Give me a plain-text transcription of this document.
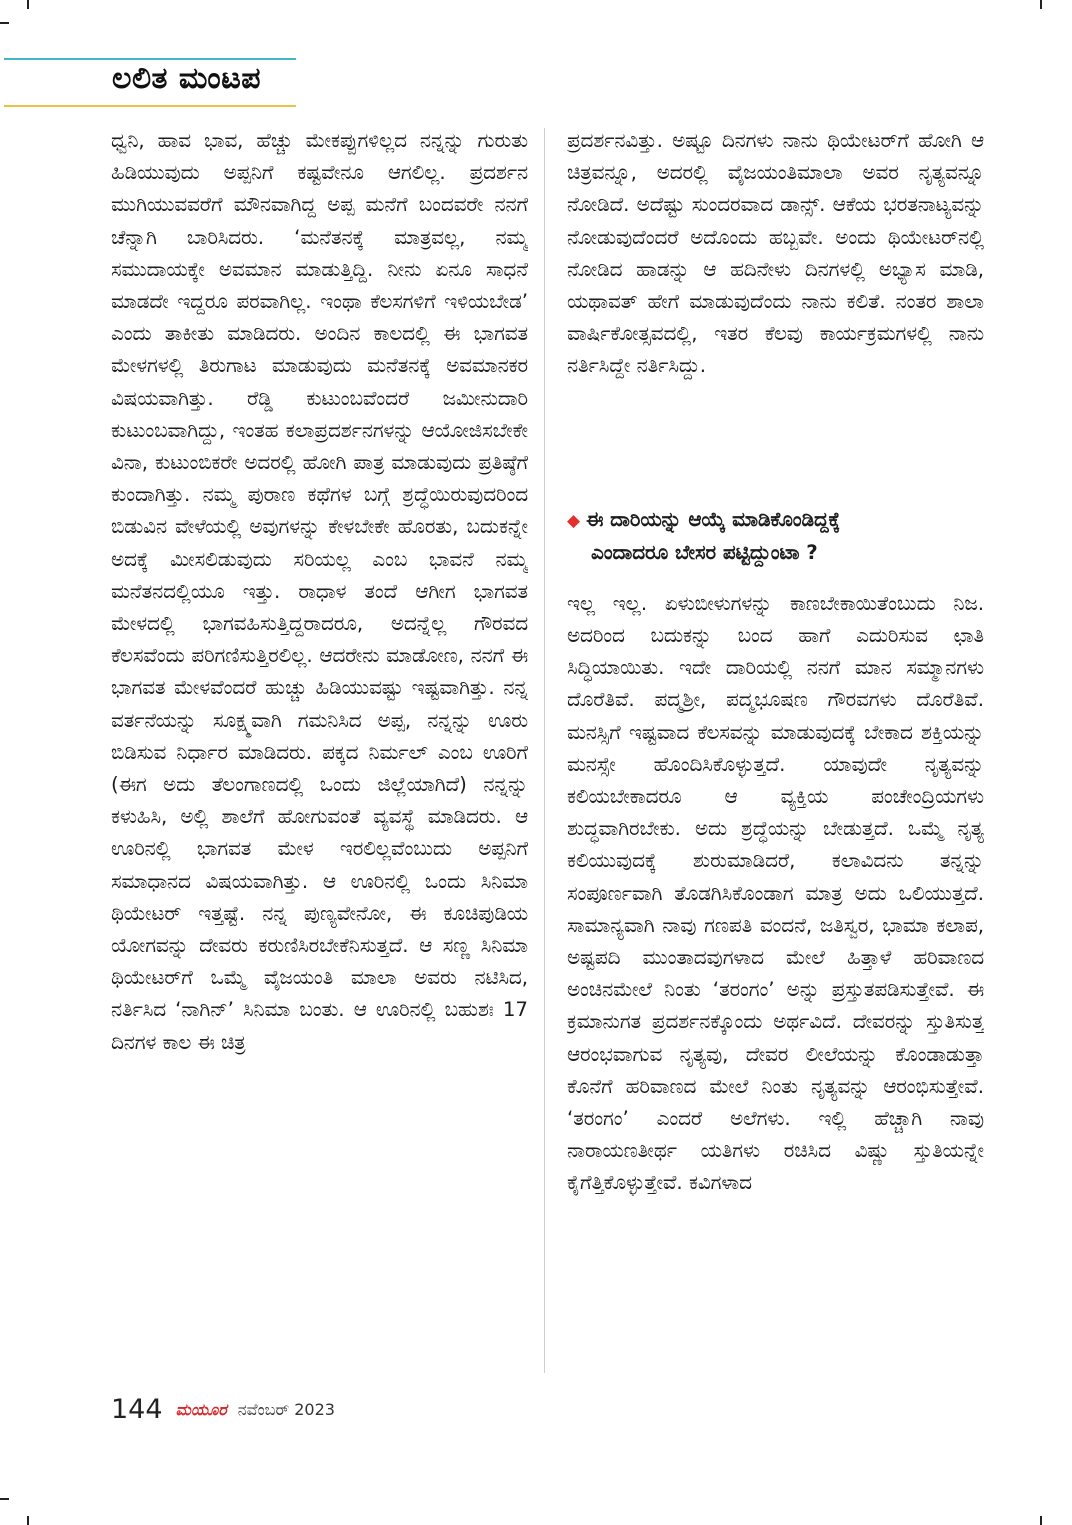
ಲಲಿತ ಮಂಟಪ

ಧ್ವನಿ, ಹಾವ ಭಾವ, ಹೆಚ್ಚು ಮೇಕಪ್ಪುಗಳಿಲ್ಲದ ನನ್ನನ್ನು ಗುರುತು ಹಿಡಿಯುವುದು ಅಪ್ಪನಿಗೆ ಕಷ್ಟವೇನೂ ಆಗಲಿಲ್ಲ. ಪ್ರದರ್ಶನ ಮುಗಿಯುವವರೆಗೆ ಮೌನವಾಗಿದ್ದ ಅಪ್ಪ ಮನೆಗೆ ಬಂದವರೇ ನನಗೆ ಚೆನ್ನಾಗಿ ಬಾರಿಸಿದರು. ‘ಮನೆತನಕ್ಕೆ ಮಾತ್ರವಲ್ಲ, ನಮ್ಮ ಸಮುದಾಯಕ್ಕೇ ಅವಮಾನ ಮಾಡುತ್ತಿದ್ದಿ. ನೀನು ಏನೂ ಸಾಧನೆ ಮಾಡದೇ ಇದ್ದರೂ ಪರವಾಗಿಲ್ಲ. ಇಂಥಾ ಕೆಲಸಗಳಿಗೆ ಇಳಿಯಬೇಡ’ ಎಂದು ತಾಕೀತು ಮಾಡಿದರು. ಅಂದಿನ ಕಾಲದಲ್ಲಿ ಈ ಭಾಗವತ ಮೇಳಗಳಲ್ಲಿ ತಿರುಗಾಟ ಮಾಡುವುದು ಮನೆತನಕ್ಕೆ ಅವಮಾನಕರ ವಿಷಯವಾಗಿತ್ತು. ರೆಡ್ಡಿ ಕುಟುಂಬವೆಂದರೆ ಜಮೀನುದಾರಿ ಕುಟುಂಬವಾಗಿದ್ದು, ಇಂತಹ ಕಲಾಪ್ರದರ್ಶನಗಳನ್ನು ಆಯೋಜಿಸಬೇಕೇ ವಿನಾ, ಕುಟುಂಬಿಕರೇ ಅದರಲ್ಲಿ ಹೋಗಿ ಪಾತ್ರ ಮಾಡುವುದು ಪ್ರತಿಷ್ಠೆಗೆ ಕುಂದಾಗಿತ್ತು. ನಮ್ಮ ಪುರಾಣ ಕಥೆಗಳ ಬಗ್ಗೆ ಶ್ರದ್ಧೆಯಿರುವುದರಿಂದ ಬಿಡುವಿನ ವೇಳೆಯಲ್ಲಿ ಅವುಗಳನ್ನು ಕೇಳಬೇಕೇ ಹೊರತು, ಬದುಕನ್ನೇ ಅದಕ್ಕೆ ಮೀಸಲಿಡುವುದು ಸರಿಯಲ್ಲ ಎಂಬ ಭಾವನೆ ನಮ್ಮ ಮನೆತನದಲ್ಲಿಯೂ ಇತ್ತು. ರಾಧಾಳ ತಂದೆ ಆಗೀಗ ಭಾಗವತ ಮೇಳದಲ್ಲಿ ಭಾಗವಹಿಸುತ್ತಿದ್ದರಾದರೂ, ಅದನ್ನೆಲ್ಲ ಗೌರವದ ಕೆಲಸವೆಂದು ಪರಿಗಣಿಸುತ್ತಿರಲಿಲ್ಲ. ಆದರೇನು ಮಾಡೋಣ, ನನಗೆ ಈ ಭಾಗವತ ಮೇಳವೆಂದರೆ ಹುಚ್ಚು ಹಿಡಿಯುವಷ್ಟು ಇಷ್ಟವಾಗಿತ್ತು. ನನ್ನ ವರ್ತನೆಯನ್ನು ಸೂಕ್ಷ್ಮವಾಗಿ ಗಮನಿಸಿದ ಅಪ್ಪ, ನನ್ನನ್ನು ಊರು ಬಿಡಿಸುವ ನಿರ್ಧಾರ ಮಾಡಿದರು. ಪಕ್ಕದ ನಿರ್ಮಲ್ ಎಂಬ ಊರಿಗೆ (ಈಗ ಅದು ತೆಲಂಗಾಣದಲ್ಲಿ ಒಂದು ಜಿಲ್ಲೆಯಾಗಿದೆ) ನನ್ನನ್ನು ಕಳುಹಿಸಿ, ಅಲ್ಲಿ ಶಾಲೆಗೆ ಹೋಗುವಂತೆ ವ್ಯವಸ್ಥೆ ಮಾಡಿದರು. ಆ ಊರಿನಲ್ಲಿ ಭಾಗವತ ಮೇಳ ಇರಲಿಲ್ಲವೆಂಬುದು ಅಪ್ಪನಿಗೆ ಸಮಾಧಾನದ ವಿಷಯವಾಗಿತ್ತು. ಆ ಊರಿನಲ್ಲಿ ಒಂದು ಸಿನಿಮಾ ಥಿಯೇಟರ್ ಇತ್ತಷ್ಟೆ. ನನ್ನ ಪುಣ್ಯವೇನೋ, ಈ ಕೂಚಿಪುಡಿಯ ಯೋಗವನ್ನು ದೇವರು ಕರುಣಿಸಿರಬೇಕೆನಿಸುತ್ತದೆ. ಆ ಸಣ್ಣ ಸಿನಿಮಾ ಥಿಯೇಟರ್‌ಗೆ ಒಮ್ಮೆ ವೈಜಯಂತಿ ಮಾಲಾ ಅವರು ನಟಿಸಿದ, ನರ್ತಿಸಿದ ‘ನಾಗಿನ್’ ಸಿನಿಮಾ ಬಂತು. ಆ ಊರಿನಲ್ಲಿ ಬಹುಶಃ 17 ದಿನಗಳ ಕಾಲ ಈ ಚಿತ್ರ

ಪ್ರದರ್ಶನವಿತ್ತು. ಅಷ್ಟೂ ದಿನಗಳು ನಾನು ಥಿಯೇಟರ್‌ಗೆ ಹೋಗಿ ಆ ಚಿತ್ರವನ್ನೂ, ಅದರಲ್ಲಿ ವೈಜಯಂತಿಮಾಲಾ ಅವರ ನೃತ್ಯವನ್ನೂ ನೋಡಿದೆ. ಅದೆಷ್ಟು ಸುಂದರವಾದ ಡಾನ್ಸ್. ಆಕೆಯ ಭರತನಾಟ್ಯವನ್ನು ನೋಡುವುದೆಂದರೆ ಅದೊಂದು ಹಬ್ಬವೇ. ಅಂದು ಥಿಯೇಟರ್‌ನಲ್ಲಿ ನೋಡಿದ ಹಾಡನ್ನು ಆ ಹದಿನೇಳು ದಿನಗಳಲ್ಲಿ ಅಭ್ಯಾಸ ಮಾಡಿ, ಯಥಾವತ್ ಹೇಗೆ ಮಾಡುವುದೆಂದು ನಾನು ಕಲಿತೆ. ನಂತರ ಶಾಲಾ ವಾರ್ಷಿಕೋತ್ಸವದಲ್ಲಿ, ಇತರ ಕೆಲವು ಕಾರ್ಯಕ್ರಮಗಳಲ್ಲಿ ನಾನು ನರ್ತಿಸಿದ್ದೇ ನರ್ತಿಸಿದ್ದು.

◆ ಈ ದಾರಿಯನ್ನು ಆಯ್ಕೆ ಮಾಡಿಕೊಂಡಿದ್ದಕ್ಕೆ
ಎಂದಾದರೂ ಬೇಸರ ಪಟ್ಟಿದ್ದುಂಟಾ ?

ಇಲ್ಲ ಇಲ್ಲ. ಏಳುಬೀಳುಗಳನ್ನು ಕಾಣಬೇಕಾಯಿತೆಂಬುದು ನಿಜ. ಅದರಿಂದ ಬದುಕನ್ನು ಬಂದ ಹಾಗೆ ಎದುರಿಸುವ ಛಾತಿ ಸಿದ್ಧಿಯಾಯಿತು. ಇದೇ ದಾರಿಯಲ್ಲಿ ನನಗೆ ಮಾನ ಸಮ್ಮಾನಗಳು ದೊರೆತಿವೆ. ಪದ್ಮಶ್ರೀ, ಪದ್ಮಭೂಷಣ ಗೌರವಗಳು ದೊರೆತಿವೆ. ಮನಸ್ಸಿಗೆ ಇಷ್ಟವಾದ ಕೆಲಸವನ್ನು ಮಾಡುವುದಕ್ಕೆ ಬೇಕಾದ ಶಕ್ತಿಯನ್ನು ಮನಸ್ಸೇ ಹೊಂದಿಸಿಕೊಳ್ಳುತ್ತದೆ. ಯಾವುದೇ ನೃತ್ಯವನ್ನು ಕಲಿಯಬೇಕಾದರೂ ಆ ವ್ಯಕ್ತಿಯ ಪಂಚೇಂದ್ರಿಯಗಳು ಶುದ್ಧವಾಗಿರಬೇಕು. ಅದು ಶ್ರದ್ಧೆಯನ್ನು ಬೇಡುತ್ತದೆ. ಒಮ್ಮೆ ನೃತ್ಯ ಕಲಿಯುವುದಕ್ಕೆ ಶುರುಮಾಡಿದರೆ, ಕಲಾವಿದನು ತನ್ನನ್ನು ಸಂಪೂರ್ಣವಾಗಿ ತೊಡಗಿಸಿಕೊಂಡಾಗ ಮಾತ್ರ ಅದು ಒಲಿಯುತ್ತದೆ. ಸಾಮಾನ್ಯವಾಗಿ ನಾವು ಗಣಪತಿ ವಂದನೆ, ಜತಿಸ್ವರ, ಭಾಮಾ ಕಲಾಪ, ಅಷ್ಟಪದಿ ಮುಂತಾದವುಗಳಾದ ಮೇಲೆ ಹಿತ್ತಾಳೆ ಹರಿವಾಣದ ಅಂಚಿನಮೇಲೆ ನಿಂತು ‘ತರಂಗಂ’ ಅನ್ನು ಪ್ರಸ್ತುತಪಡಿಸುತ್ತೇವೆ. ಈ ಕ್ರಮಾನುಗತ ಪ್ರದರ್ಶನಕ್ಕೊಂದು ಅರ್ಥವಿದೆ. ದೇವರನ್ನು ಸ್ತುತಿಸುತ್ತ ಆರಂಭವಾಗುವ ನೃತ್ಯವು, ದೇವರ ಲೀಲೆಯನ್ನು ಕೊಂಡಾಡುತ್ತಾ ಕೊನೆಗೆ ಹರಿವಾಣದ ಮೇಲೆ ನಿಂತು ನೃತ್ಯವನ್ನು ಆರಂಭಿಸುತ್ತೇವೆ. ‘ತರಂಗಂ’ ಎಂದರೆ ಅಲೆಗಳು. ಇಲ್ಲಿ ಹೆಚ್ಚಾಗಿ ನಾವು ನಾರಾಯಣತೀರ್ಥ ಯತಿಗಳು ರಚಿಸಿದ ವಿಷ್ಣು ಸ್ತುತಿಯನ್ನೇ ಕೈಗೆತ್ತಿಕೊಳ್ಳುತ್ತೇವೆ. ಕವಿಗಳಾದ

144 ಮಯೂರ ನವೆಂಬರ್ 2023
